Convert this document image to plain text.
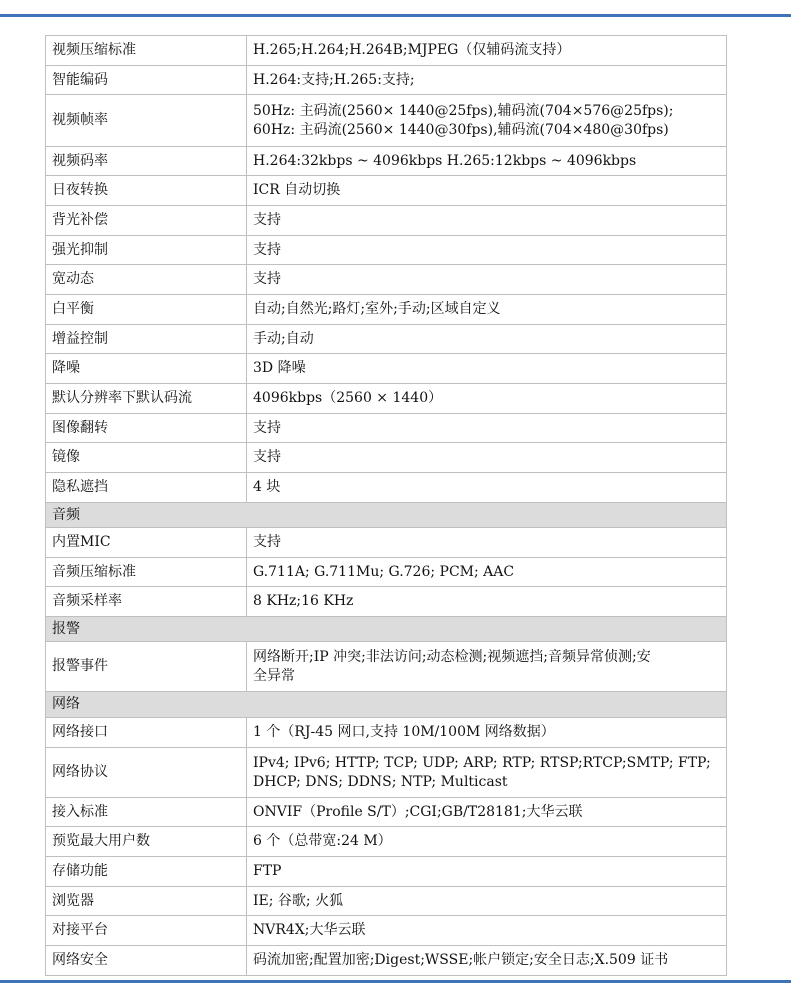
视频压缩标准	H.265;H.264;H.264B;MJPEG（仅辅码流支持）
智能编码	H.264:支持;H.265:支持;
视频帧率	50Hz: 主码流(2560× 1440@25fps),辅码流(704×576@25fps);
60Hz: 主码流(2560× 1440@30fps),辅码流(704×480@30fps)

视频码率	H.264:32kbps ~ 4096kbps H.265:12kbps ~ 4096kbps
日夜转换	ICR 自动切换
背光补偿	支持
强光抑制	支持
宽动态	支持
白平衡	自动;自然光;路灯;室外;手动;区域自定义
增益控制	手动;自动
降噪	3D 降噪
默认分辨率下默认码流	4096kbps（2560 × 1440）
图像翻转	支持
镜像	支持
隐私遮挡	4 块
音频	
内置MIC	支持
音频压缩标准	G.711A; G.711Mu; G.726; PCM; AAC
音频采样率	8 KHz;16 KHz
报警	
报警事件	网络断开;IP 冲突;非法访问;动态检测;视频遮挡;音频异常侦测;安
全异常

网络	
网络接口	1 个（RJ-45 网口,支持 10M/100M 网络数据）
网络协议	IPv4; IPv6; HTTP; TCP; UDP; ARP; RTP; RTSP;RTCP;SMTP; FTP;
DHCP; DNS; DDNS; NTP; Multicast

接入标准	ONVIF（Profile S/T）;CGI;GB/T28181;大华云联
预览最大用户数	6 个（总带宽:24 M）
存储功能	FTP
浏览器	IE; 谷歌; 火狐
对接平台	NVR4X;大华云联
网络安全	码流加密;配置加密;Digest;WSSE;帐户锁定;安全日志;X.509 证书
